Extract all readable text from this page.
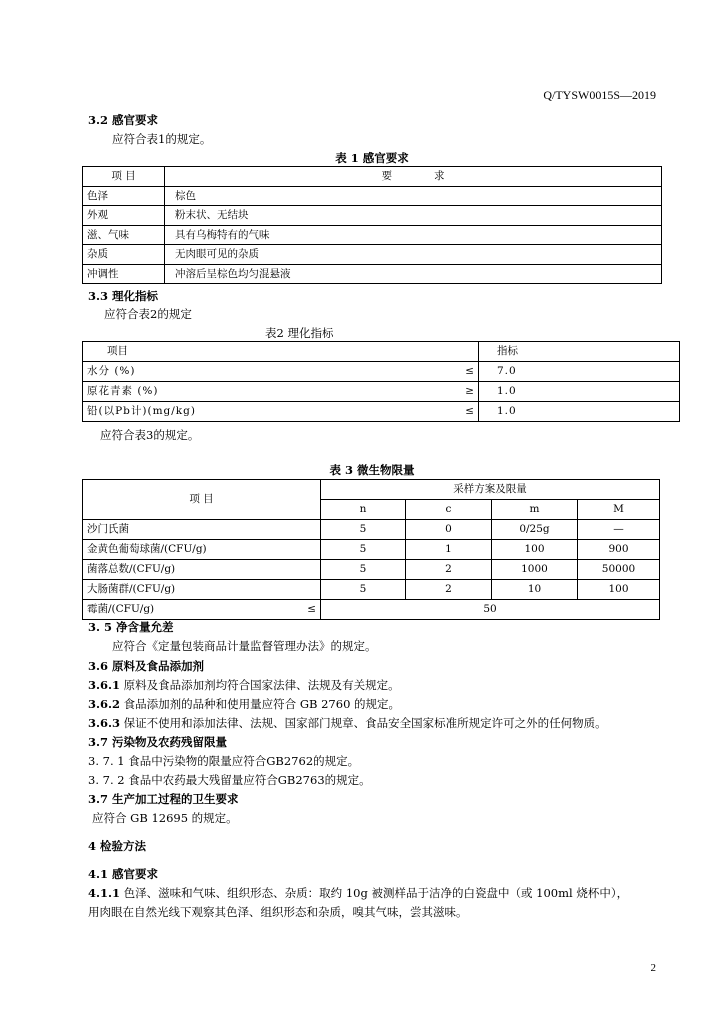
Q/TYSW0015S—2019
3.2 感官要求
应符合表1的规定。
表 1 感官要求
项 目	要　　　　求
色泽	棕色
外观	粉末状、无结块
滋、气味	具有乌梅特有的气味
杂质	无肉眼可见的杂质
冲调性	冲溶后呈棕色均匀混悬液
3.3 理化指标
应符合表2的规定
表2 理化指标
项目		指标
水分 (%)	≤	7.0
原花青素 (%)	≥	1.0
铅(以Pb计)(mg/kg)	≤	1.0
应符合表3的规定。
表 3 微生物限量
项 目		采样方案及限量			
		n	c	m	M
沙门氏菌		5	0	0/25g	—
金黄色葡萄球菌/(CFU/g)		5	1	100	900
菌落总数/(CFU/g)		5	2	1000	50000
大肠菌群/(CFU/g)		5	2	10	100
霉菌/(CFU/g)	≤	50			
3. 5 净含量允差
应符合《定量包装商品计量监督管理办法》的规定。
3.6 原料及食品添加剂
3.6.1 原料及食品添加剂均符合国家法律、法规及有关规定。
3.6.2 食品添加剂的品种和使用量应符合 GB 2760 的规定。
3.6.3 保证不使用和添加法律、法规、国家部门规章、食品安全国家标准所规定许可之外的任何物质。
3.7 污染物及农药残留限量
3. 7. 1 食品中污染物的限量应符合GB2762的规定。
3. 7. 2 食品中农药最大残留量应符合GB2763的规定。
3.7 生产加工过程的卫生要求
应符合 GB 12695 的规定。
4 检验方法
4.1 感官要求
4.1.1 色泽、滋味和气味、组织形态、杂质：取约 10g 被测样品于洁净的白瓷盘中（或 100ml 烧杯中），
用肉眼在自然光线下观察其色泽、组织形态和杂质，嗅其气味，尝其滋味。
2
